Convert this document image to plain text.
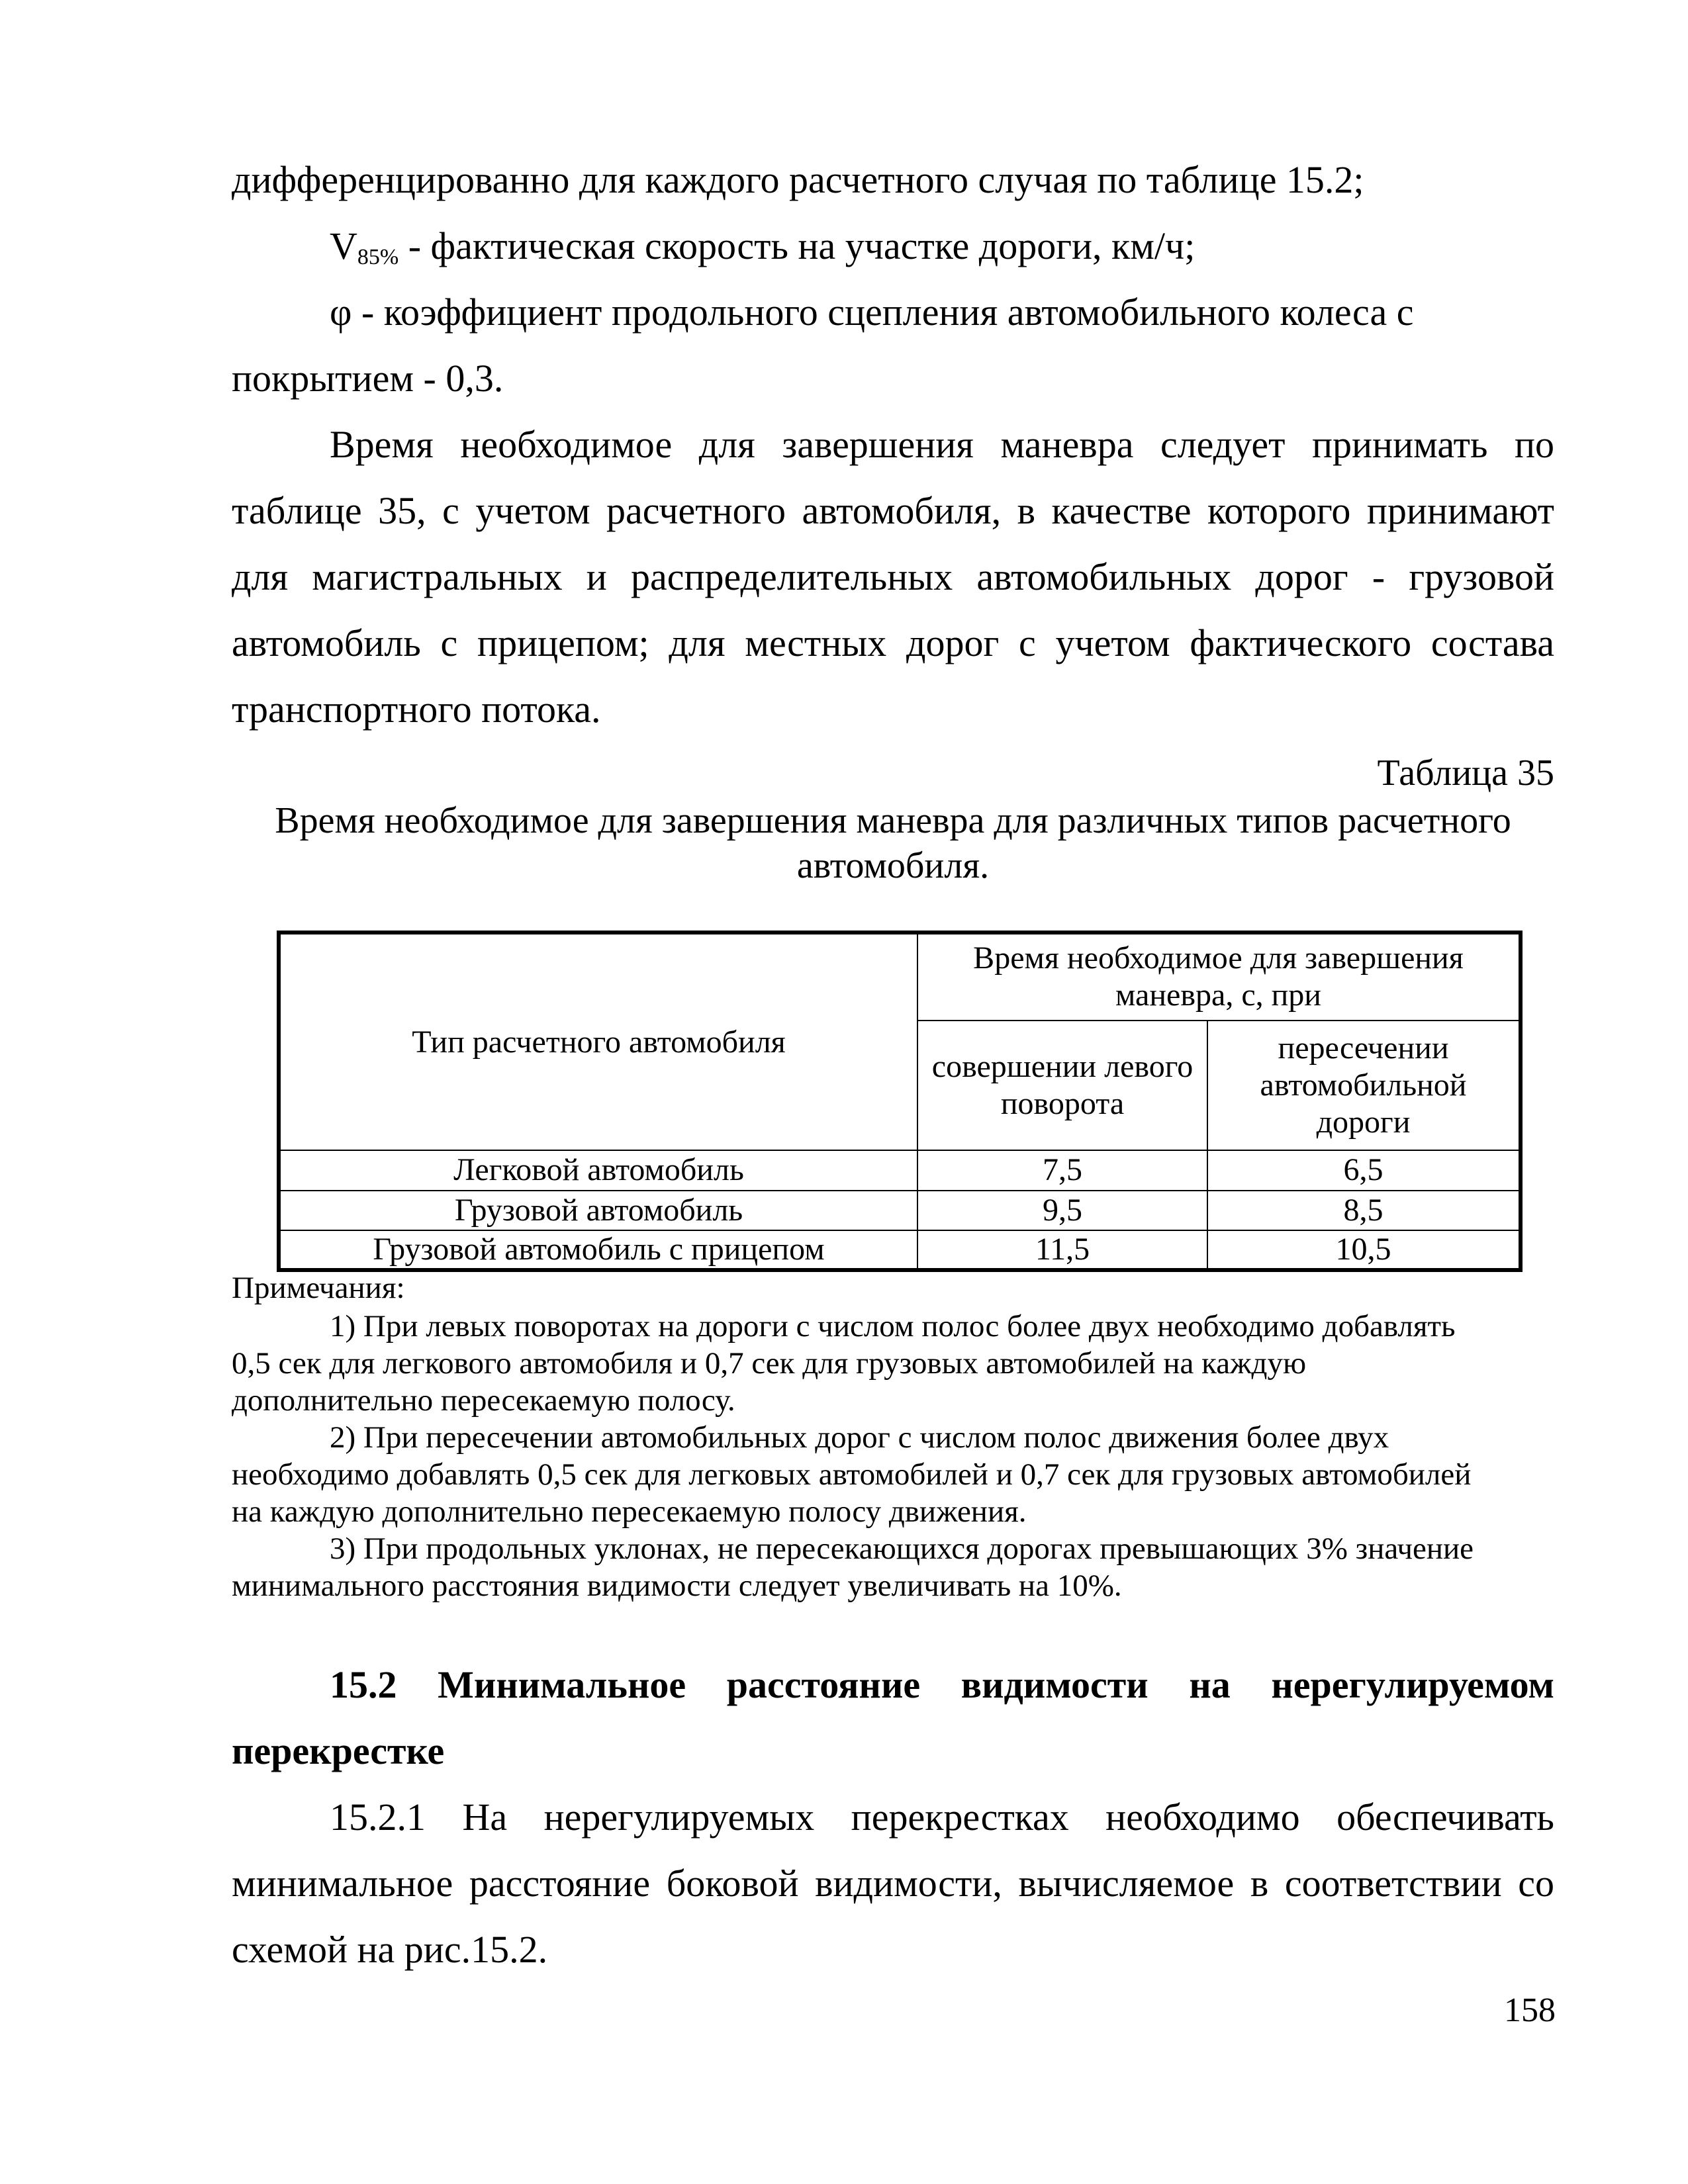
дифференцированно для каждого расчетного случая по таблице 15.2;
$V_{85\%}$ - фактическая скорость на участке дороги, км/ч;
φ - коэффициент продольного сцепления автомобильного колеса с
покрытием - 0,3.
Время необходимое для завершения маневра следует принимать по
таблице 35, с учетом расчетного автомобиля, в качестве которого принимают
для магистральных и распределительных автомобильных дорог - грузовой
автомобиль с прицепом; для местных дорог с учетом фактического состава
транспортного потока.
Таблица 35
Время необходимое для завершения маневра для различных типов расчетного
автомобиля.
Тип расчетного автомобиля	Время необходимое для завершения маневра, с, при	
	совершении левого поворота	пересечении автомобильной дороги
Легковой автомобиль	7,5	6,5
Грузовой автомобиль	9,5	8,5
Грузовой автомобиль с прицепом	11,5	10,5
Примечания:
1) При левых поворотах на дороги с числом полос более двух необходимо добавлять
0,5 сек для легкового автомобиля и 0,7 сек для грузовых автомобилей на каждую
дополнительно пересекаемую полосу.
2) При пересечении автомобильных дорог с числом полос движения более двух
необходимо добавлять 0,5 сек для легковых автомобилей и 0,7 сек для грузовых автомобилей
на каждую дополнительно пересекаемую полосу движения.
3) При продольных уклонах, не пересекающихся дорогах превышающих 3% значение
минимального расстояния видимости следует увеличивать на 10%.
15.2 Минимальное расстояние видимости на нерегулируемом
перекрестке
15.2.1 На нерегулируемых перекрестках необходимо обеспечивать
минимальное расстояние боковой видимости, вычисляемое в соответствии со
схемой на рис.15.2.
158
